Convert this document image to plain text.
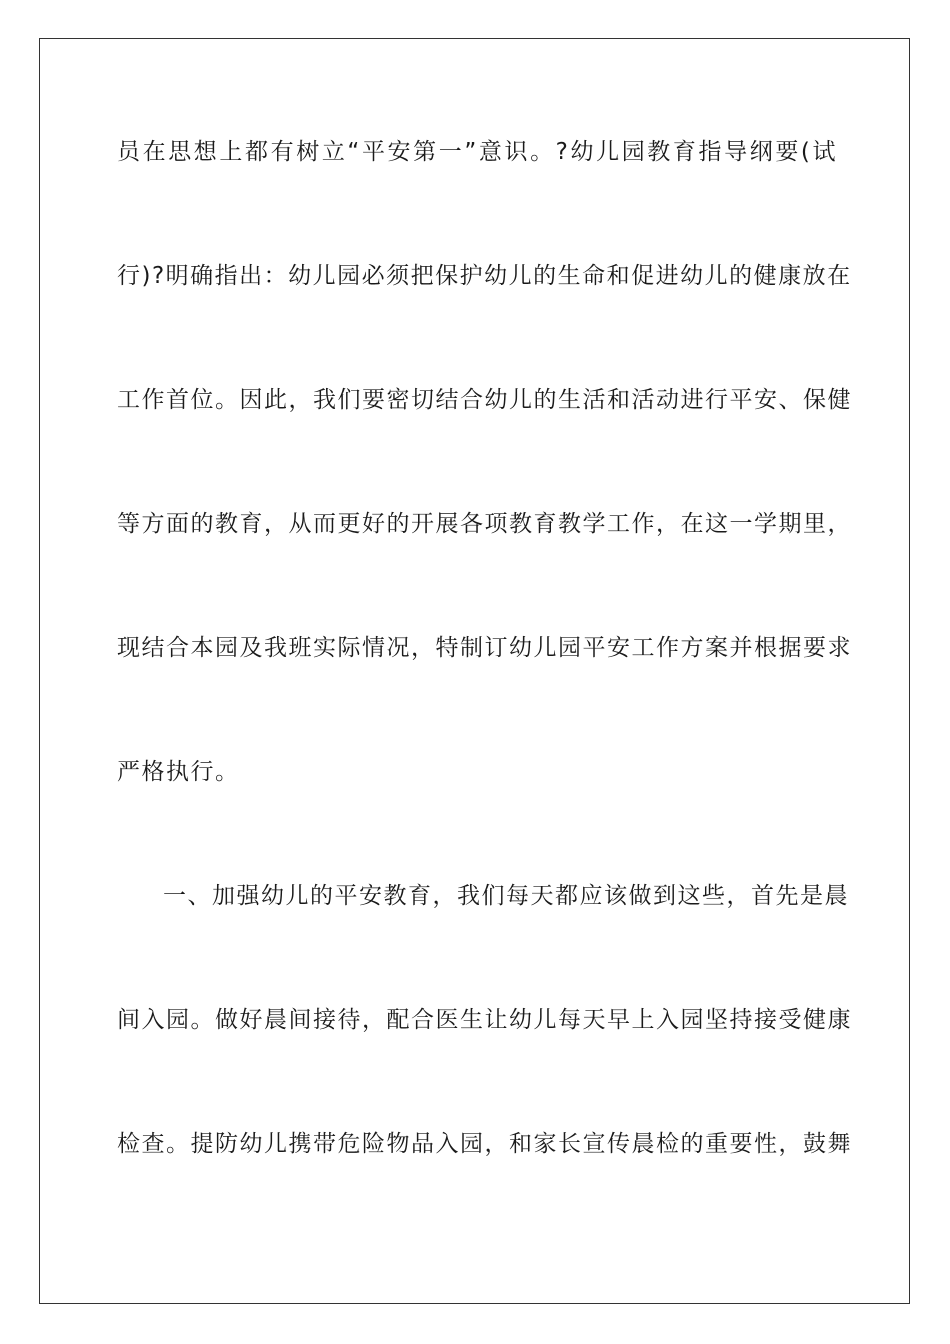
员在思想上都有树立“平安第一”意识。?幼儿园教育指导纲要(试
行)?明确指出：幼儿园必须把保护幼儿的生命和促进幼儿的健康放在
工作首位。因此，我们要密切结合幼儿的生活和活动进行平安、保健
等方面的教育，从而更好的开展各项教育教学工作，在这一学期里，
现结合本园及我班实际情况，特制订幼儿园平安工作方案并根据要求
严格执行。
一、加强幼儿的平安教育，我们每天都应该做到这些，首先是晨
间入园。做好晨间接待，配合医生让幼儿每天早上入园坚持接受健康
检查。提防幼儿携带危险物品入园，和家长宣传晨检的重要性，鼓舞
